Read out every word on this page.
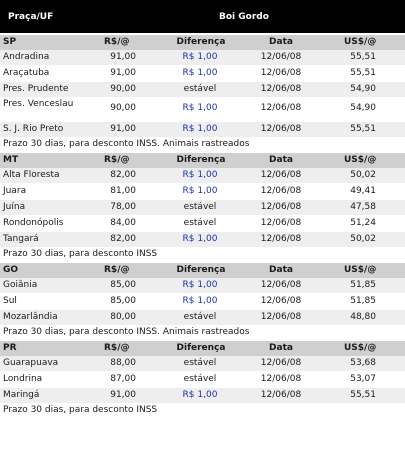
Praça/UF	Boi Gordo
SP	R$/@	Diferença	Data	US$/@
Andradina	91,00	R$ 1,00	12/06/08	55,51
Araçatuba	91,00	R$ 1,00	12/06/08	55,51
Pres. Prudente	90,00	estável	12/06/08	54,90
Pres. Venceslau	90,00	R$ 1,00	12/06/08	54,90
S. J. Rio Preto	91,00	R$ 1,00	12/06/08	55,51
Prazo 30 dias, para desconto INSS. Animais rastreados
MT	R$/@	Diferença	Data	US$/@
Alta Floresta	82,00	R$ 1,00	12/06/08	50,02
Juara	81,00	R$ 1,00	12/06/08	49,41
Juína	78,00	estável	12/06/08	47,58
Rondonópolis	84,00	estável	12/06/08	51,24
Tangará	82,00	R$ 1,00	12/06/08	50,02
Prazo 30 dias, para desconto INSS
GO	R$/@	Diferença	Data	US$/@
Goiânia	85,00	R$ 1,00	12/06/08	51,85
Sul	85,00	R$ 1,00	12/06/08	51,85
Mozarlândia	80,00	estável	12/06/08	48,80
Prazo 30 dias, para desconto INSS. Animais rastreados
PR	R$/@	Diferença	Data	US$/@
Guarapuava	88,00	estável	12/06/08	53,68
Londrina	87,00	estável	12/06/08	53,07
Maringá	91,00	R$ 1,00	12/06/08	55,51
Prazo 30 dias, para desconto INSS
